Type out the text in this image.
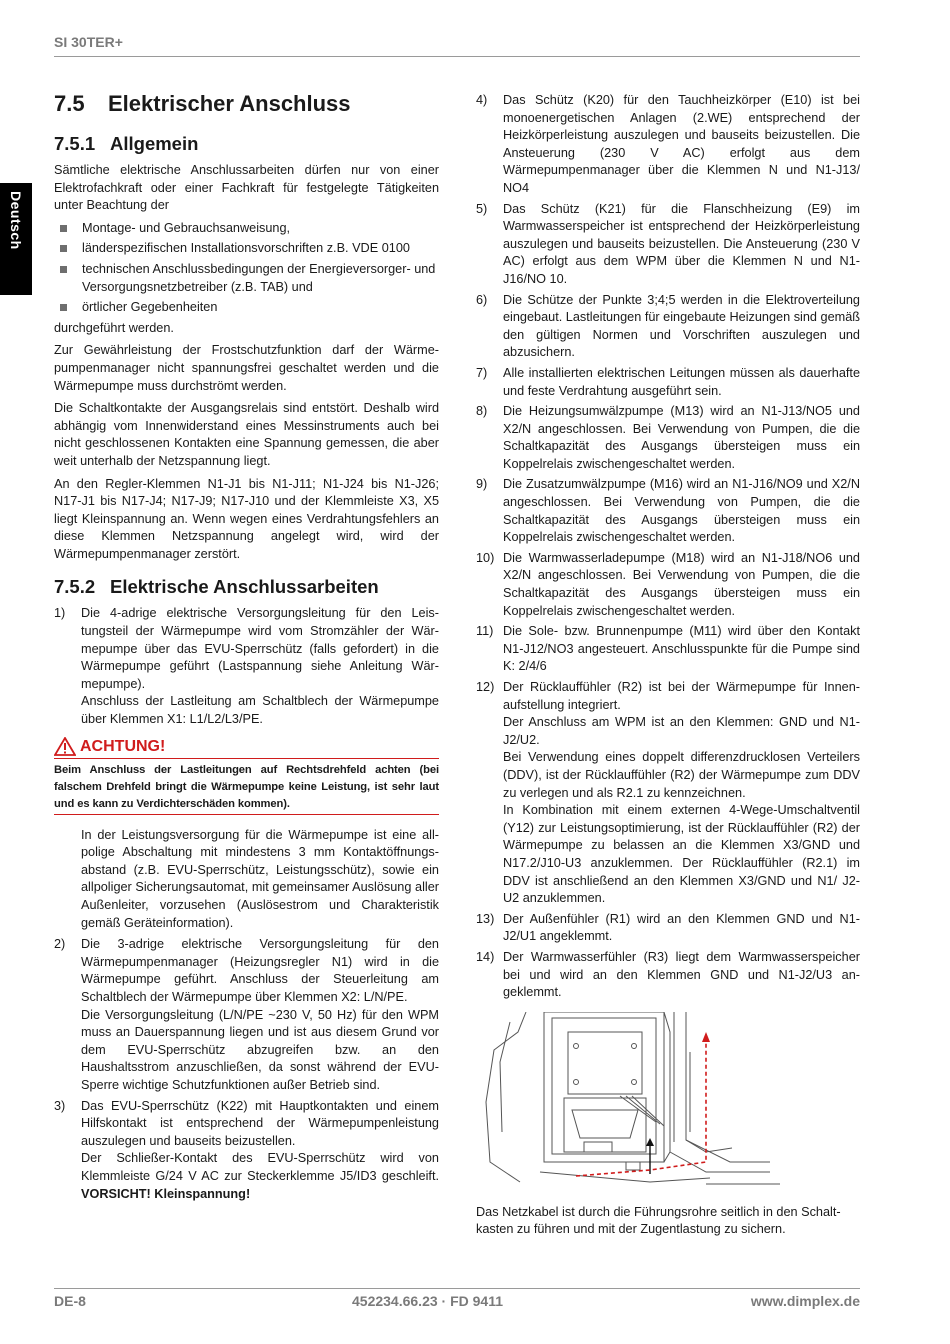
SI 30TER+
Deutsch
7.5 Elektrischer Anschluss
7.5.1 Allgemein

Sämtliche elektrische Anschlussarbeiten dürfen nur von einer Elektrofachkraft oder einer Fachkraft für festgelegte Tätigkeiten unter Beachtung der

Montage- und Gebrauchsanweisung,
länderspezifischen Installationsvorschriften z.B. VDE 0100
technischen Anschlussbedingungen der Energieversorger- und Versorgungsnetzbetreiber (z.B. TAB) und
örtlicher Gegebenheiten

durchgeführt werden.

Zur Gewährleistung der Frostschutzfunktion darf der Wärmepumpenmanager nicht spannungsfrei geschaltet werden und die Wärmepumpe muss durchströmt werden.

Die Schaltkontakte der Ausgangsrelais sind entstört. Deshalb wird abhängig vom Innenwiderstand eines Messinstruments auch bei nicht geschlossenen Kontakten eine Spannung gemessen, die aber weit unterhalb der Netzspannung liegt.

An den Regler-Klemmen N1-J1 bis N1-J11; N1-J24 bis N1-J26; N17-J1 bis N17-J4; N17-J9; N17-J10 und der Klemmleiste X3, X5 liegt Kleinspannung an. Wenn wegen eines Verdrahtungsfehlers an diese Klemmen Netzspannung angelegt wird, wird der Wärmepumpenmanager zerstört.

7.5.2 Elektrische Anschlussarbeiten
1) Die 4-adrige elektrische Versorgungsleitung für den Leistungsteil der Wärmepumpe wird vom Stromzähler der Wärmepumpe über das EVU-Sperrschütz (falls gefordert) in die Wärmepumpe geführt (Lastspannung siehe Anleitung Wärmepumpe).
Anschluss der Lastleitung am Schaltblech der Wärmepumpe über Klemmen X1: L1/L2/L3/PE.
ACHTUNG!
Beim Anschluss der Lastleitungen auf Rechtsdrehfeld achten (bei falschem Drehfeld bringt die Wärmepumpe keine Leistung, ist sehr laut und es kann zu Verdichterschäden kommen).

In der Leistungsversorgung für die Wärmepumpe ist eine allpolige Abschaltung mit mindestens 3 mm Kontaktöffnungsabstand (z.B. EVU-Sperrschütz, Leistungsschütz), sowie ein allpoliger Sicherungsautomat, mit gemeinsamer Auslösung aller Außenleiter, vorzusehen (Auslösestrom und Charakteristik gemäß Geräteinformation).

2) Die 3-adrige elektrische Versorgungsleitung für den Wärmepumpenmanager (Heizungsregler N1) wird in die Wärmepumpe geführt. Anschluss der Steuerleitung am Schaltblech der Wärmepumpe über Klemmen X2: L/N/PE.
Die Versorgungsleitung (L/N/PE ~230 V, 50 Hz) für den WPM muss an Dauerspannung liegen und ist aus diesem Grund vor dem EVU-Sperrschütz abzugreifen bzw. an den Haushaltsstrom anzuschließen, da sonst während der EVU-Sperre wichtige Schutzfunktionen außer Betrieb sind.
3) Das EVU-Sperrschütz (K22) mit Hauptkontakten und einem Hilfskontakt ist entsprechend der Wärmepumpenleistung auszulegen und bauseits beizustellen.
Der Schließer-Kontakt des EVU-Sperrschütz wird von Klemmleiste G/24 V AC zur Steckerklemme J5/ID3 geschleift. VORSICHT! Kleinspannung!
4) Das Schütz (K20) für den Tauchheizkörper (E10) ist bei monoenergetischen Anlagen (2.WE) entsprechend der Heizkörperleistung auszulegen und bauseits beizustellen. Die Ansteuerung (230 V AC) erfolgt aus dem Wärmepumpenmanager über die Klemmen N und N1-J13/ NO4
5) Das Schütz (K21) für die Flanschheizung (E9) im Warmwasserspeicher ist entsprechend der Heizkörperleistung auszulegen und bauseits beizustellen. Die Ansteuerung (230 V AC) erfolgt aus dem WPM über die Klemmen N und N1-J16/NO 10.
6) Die Schütze der Punkte 3;4;5 werden in die Elektroverteilung eingebaut. Lastleitungen für eingebaute Heizungen sind gemäß den gültigen Normen und Vorschriften auszulegen und abzusichern.
7) Alle installierten elektrischen Leitungen müssen als dauerhafte und feste Verdrahtung ausgeführt sein.
8) Die Heizungsumwälzpumpe (M13) wird an N1-J13/NO5 und X2/N angeschlossen. Bei Verwendung von Pumpen, die die Schaltkapazität des Ausgangs übersteigen muss ein Koppelrelais zwischengeschaltet werden.
9) Die Zusatzumwälzpumpe (M16) wird an N1-J16/NO9 und X2/N angeschlossen. Bei Verwendung von Pumpen, die die Schaltkapazität des Ausgangs übersteigen muss ein Koppelrelais zwischengeschaltet werden.
10) Die Warmwasserladepumpe (M18) wird an N1-J18/NO6 und X2/N angeschlossen. Bei Verwendung von Pumpen, die die Schaltkapazität des Ausgangs übersteigen muss ein Koppelrelais zwischengeschaltet werden.
11) Die Sole- bzw. Brunnenpumpe (M11) wird über den Kontakt N1-J12/NO3 angesteuert. Anschlusspunkte für die Pumpe sind K: 2/4/6
12) Der Rücklauffühler (R2) ist bei der Wärmepumpe für Innenaufstellung integriert.
Der Anschluss am WPM ist an den Klemmen: GND und N1-J2/U2.
Bei Verwendung eines doppelt differenzdrucklosen Verteilers (DDV), ist der Rücklauffühler (R2) der Wärmepumpe zum DDV zu verlegen und als R2.1 zu kennzeichnen.
In Kombination mit einem externen 4-Wege-Umschaltventil (Y12) zur Leistungsoptimierung, ist der Rücklauffühler (R2) der Wärmepumpe zu belassen an die Klemmen X3/GND und N17.2/J10-U3 anzuklemmen. Der Rücklauffühler (R2.1) im DDV ist anschließend an den Klemmen X3/GND und N1/ J2-U2 anzuklemmen.
13) Der Außenfühler (R1) wird an den Klemmen GND und N1-J2/U1 angeklemmt.
14) Der Warmwasserfühler (R3) liegt dem Warmwasserspeicher bei und wird an den Klemmen GND und N1-J2/U3 angeklemmt.

Das Netzkabel ist durch die Führungsrohre seitlich in den Schaltkasten zu führen und mit der Zugentlastung zu sichern.

DE-8	452234.66.23 · FD 9411	www.dimplex.de
